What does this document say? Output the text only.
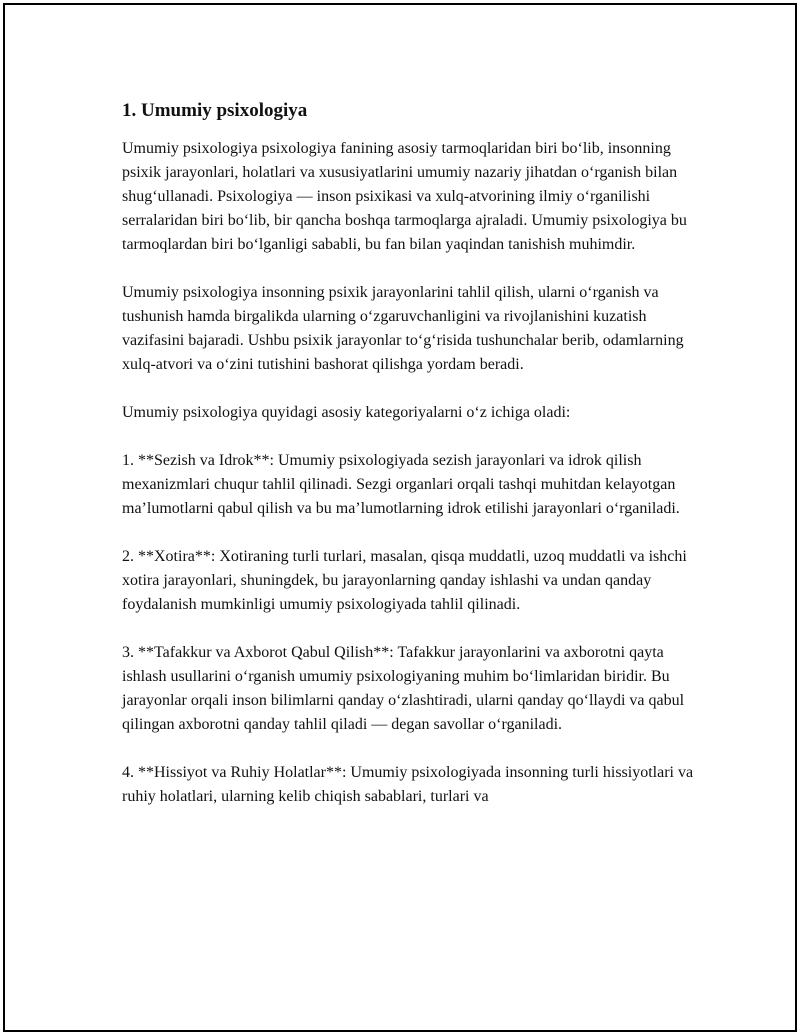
1. Umumiy psixologiya

Umumiy psixologiya psixologiya fanining asosiy tarmoqlaridan biri bo‘lib, insonning psixik jarayonlari, holatlari va xususiyatlarini umumiy nazariy jihatdan o‘rganish bilan shug‘ullanadi. Psixologiya — inson psixikasi va xulq-atvorining ilmiy o‘rganilishi serralaridan biri bo‘lib, bir qancha boshqa tarmoqlarga ajraladi. Umumiy psixologiya bu tarmoqlardan biri bo‘lganligi sababli, bu fan bilan yaqindan tanishish muhimdir.

Umumiy psixologiya insonning psixik jarayonlarini tahlil qilish, ularni o‘rganish va tushunish hamda birgalikda ularning o‘zgaruvchanligini va rivojlanishini kuzatish vazifasini bajaradi. Ushbu psixik jarayonlar to‘g‘risida tushunchalar berib, odamlarning xulq-atvori va o‘zini tutishini bashorat qilishga yordam beradi.

Umumiy psixologiya quyidagi asosiy kategoriyalarni o‘z ichiga oladi:

1. **Sezish va Idrok**: Umumiy psixologiyada sezish jarayonlari va idrok qilish mexanizmlari chuqur tahlil qilinadi. Sezgi organlari orqali tashqi muhitdan kelayotgan ma’lumotlarni qabul qilish va bu ma’lumotlarning idrok etilishi jarayonlari o‘rganiladi.

2. **Xotira**: Xotiraning turli turlari, masalan, qisqa muddatli, uzoq muddatli va ishchi xotira jarayonlari, shuningdek, bu jarayonlarning qanday ishlashi va undan qanday foydalanish mumkinligi umumiy psixologiyada tahlil qilinadi.

3. **Tafakkur va Axborot Qabul Qilish**: Tafakkur jarayonlarini va axborotni qayta ishlash usullarini o‘rganish umumiy psixologiyaning muhim bo‘limlaridan biridir. Bu jarayonlar orqali inson bilimlarni qanday o‘zlashtiradi, ularni qanday qo‘llaydi va qabul qilingan axborotni qanday tahlil qiladi — degan savollar o‘rganiladi.

4. **Hissiyot va Ruhiy Holatlar**: Umumiy psixologiyada insonning turli hissiyotlari va ruhiy holatlari, ularning kelib chiqish sabablari, turlari va
